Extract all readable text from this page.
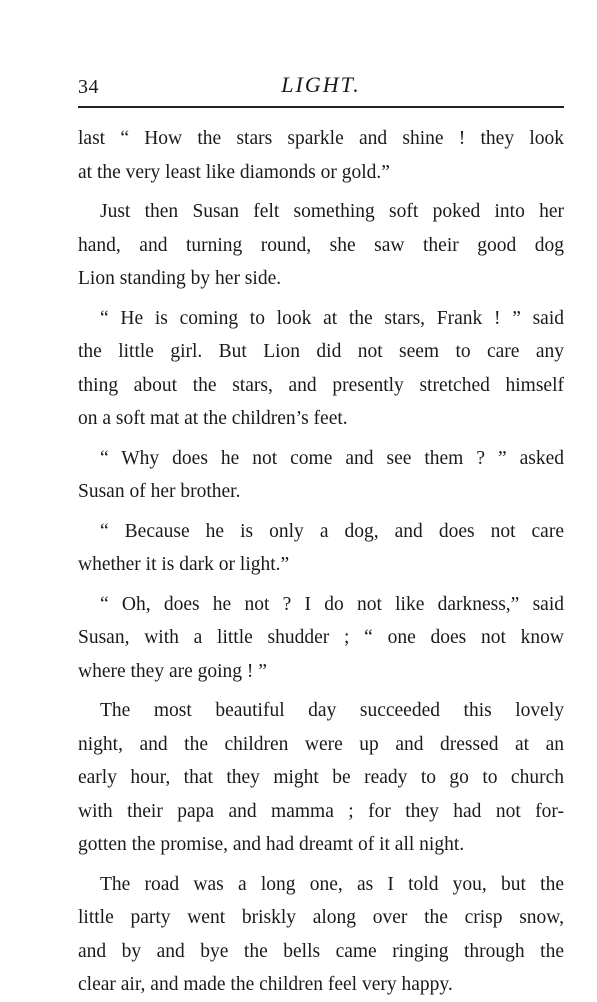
34	LIGHT.
last “ How the stars sparkle and shine ! they look
at the very least like diamonds or gold.”
Just then Susan felt something soft poked into her
hand, and turning round, she saw their good dog
Lion standing by her side.
“ He is coming to look at the stars, Frank ! ” said
the little girl. But Lion did not seem to care any
thing about the stars, and presently stretched himself
on a soft mat at the children’s feet.
“ Why does he not come and see them ? ” asked
Susan of her brother.
“ Because he is only a dog, and does not care
whether it is dark or light.”
“ Oh, does he not ? I do not like darkness,” said
Susan, with a little shudder ; “ one does not know
where they are going ! ”
The most beautiful day succeeded this lovely
night, and the children were up and dressed at an
early hour, that they might be ready to go to church
with their papa and mamma ; for they had not for-
gotten the promise, and had dreamt of it all night.
The road was a long one, as I told you, but the
little party went briskly along over the crisp snow,
and by and bye the bells came ringing through the
clear air, and made the children feel very happy.
